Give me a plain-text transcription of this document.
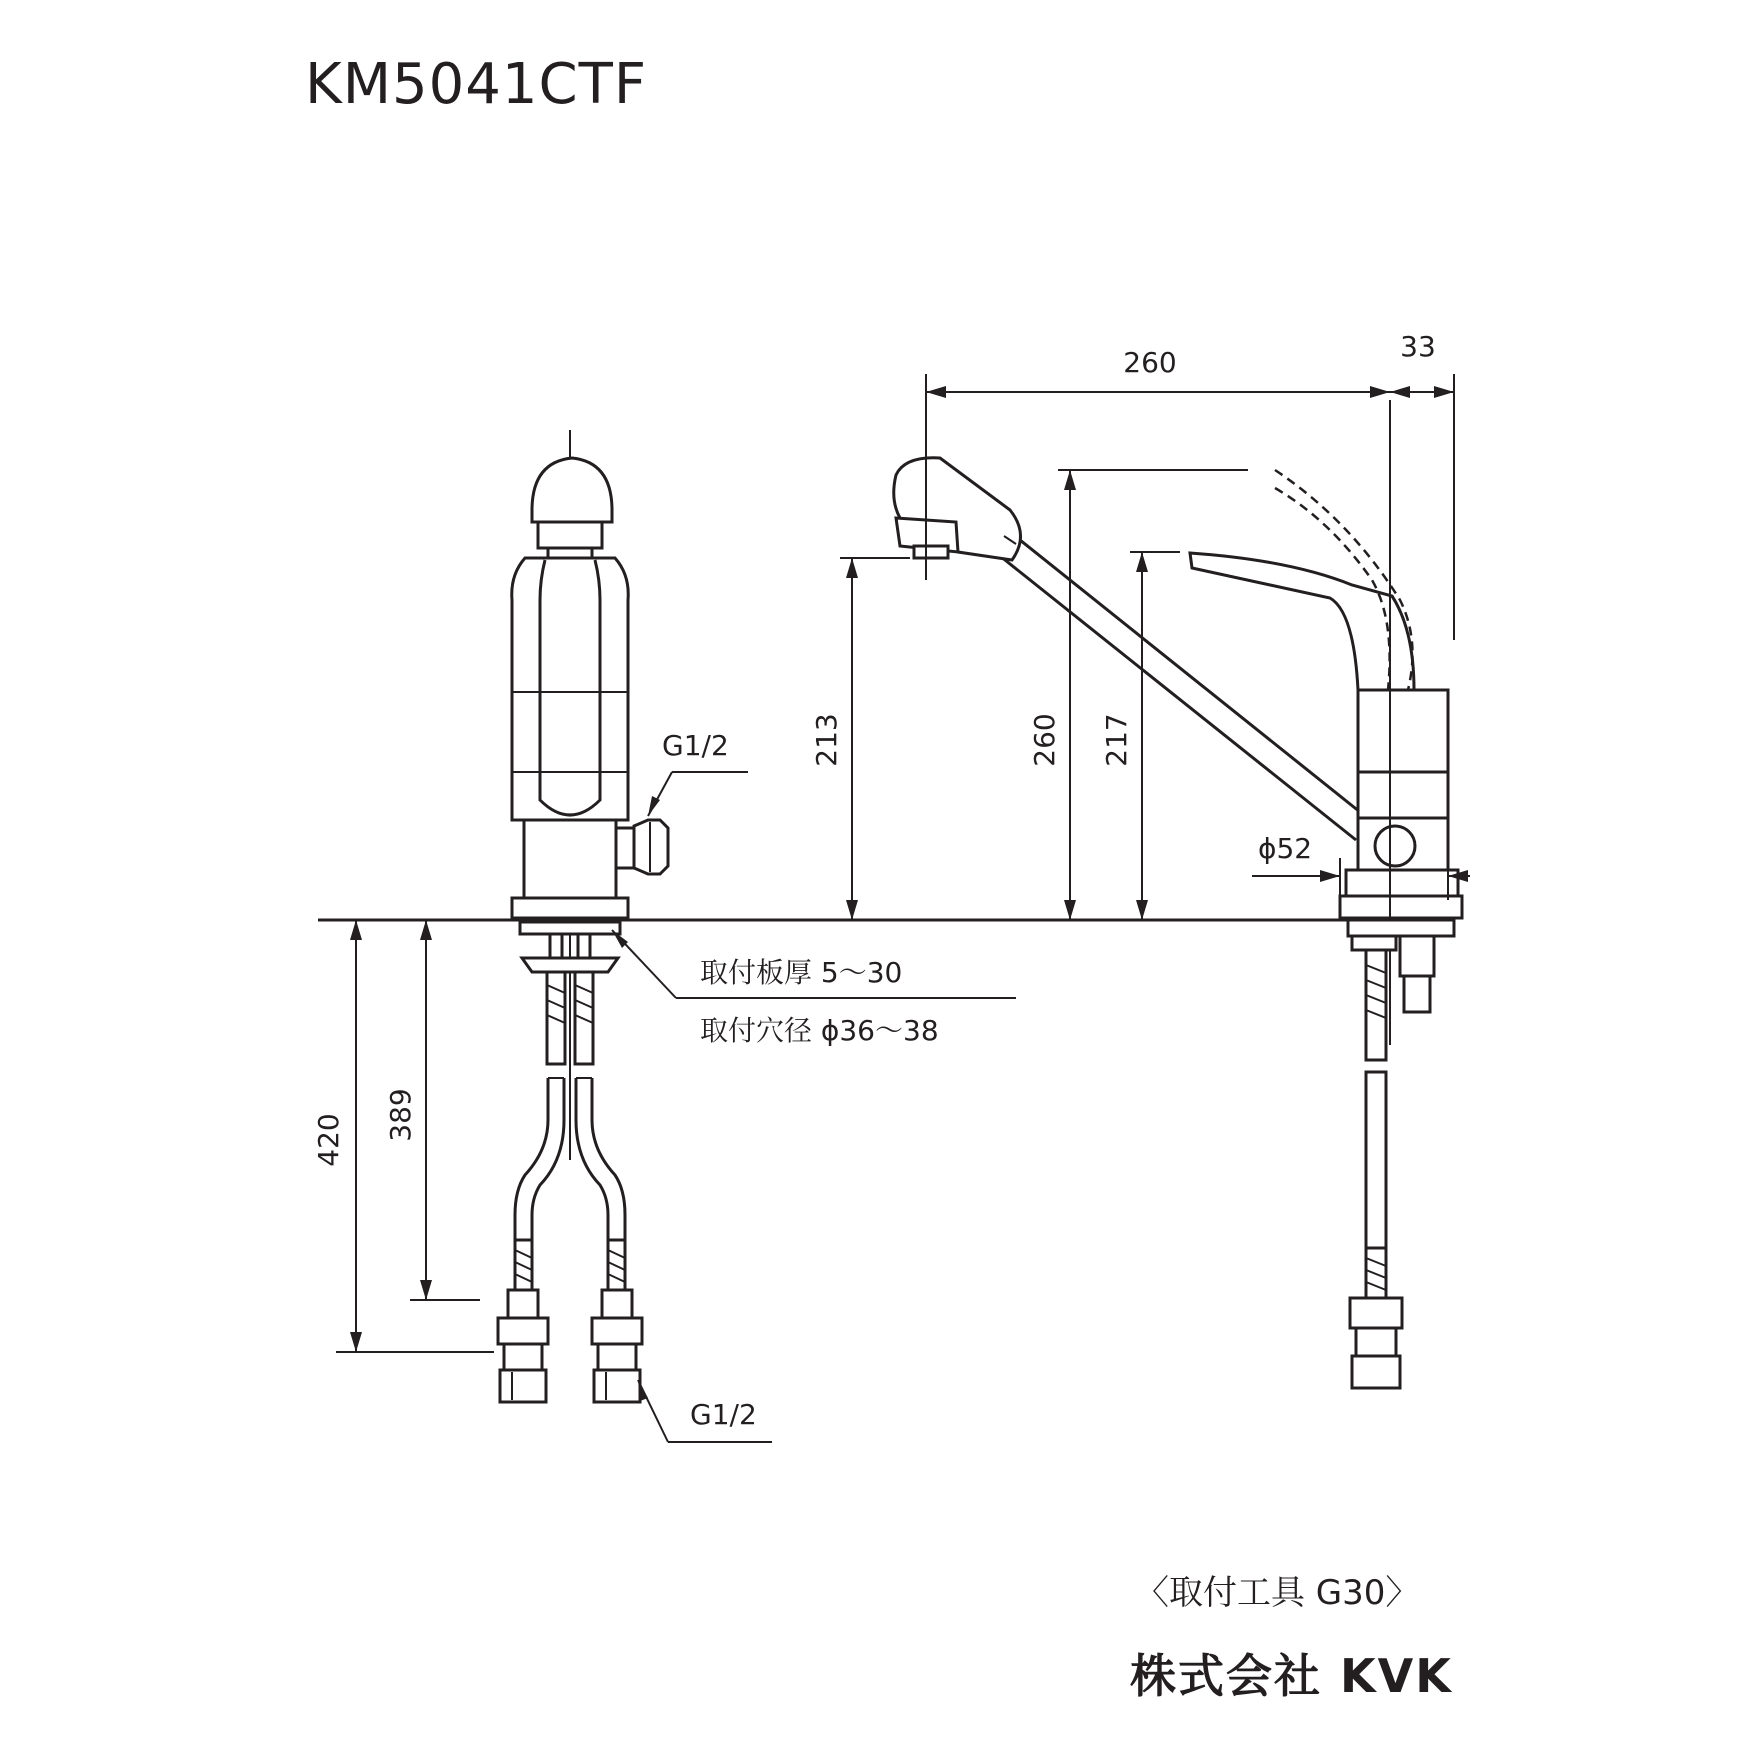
KM5041CTF
G1/2
G1/2
取付板厚 5〜30
取付穴径 ϕ36〜38
420 389
260	33
213	260 217
ϕ52
〈取付工具 G30〉
株式会社 KVK
